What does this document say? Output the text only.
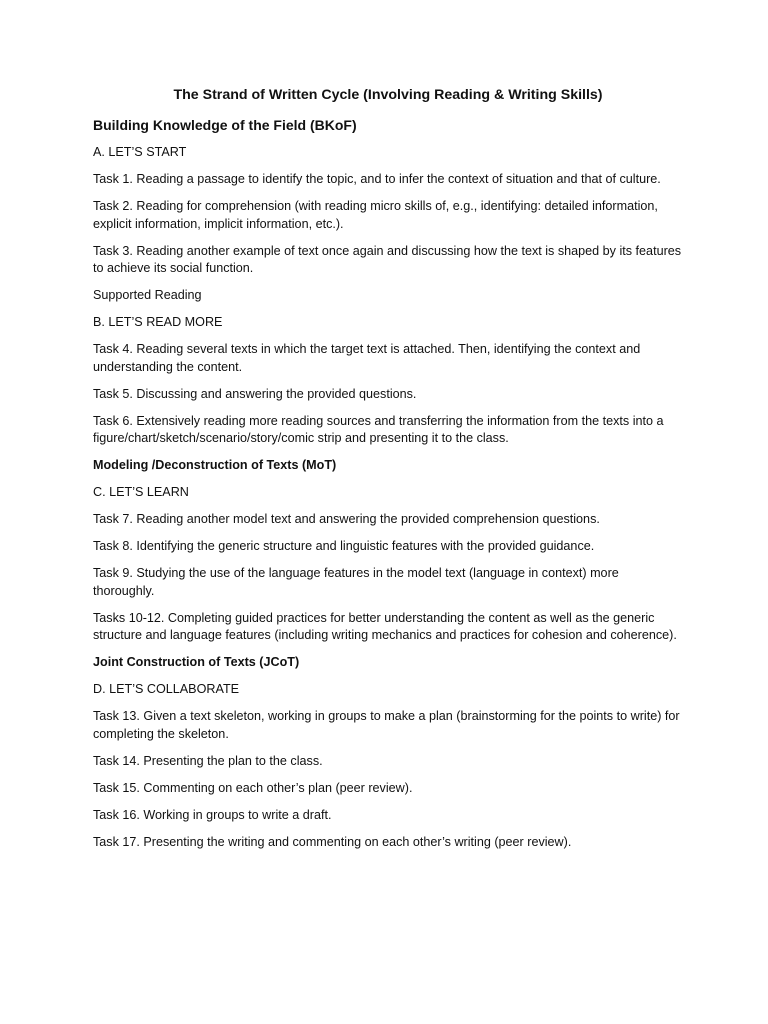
The Strand of Written Cycle (Involving Reading & Writing Skills)
Building Knowledge of the Field (BKoF)
A. LET’S START
Task 1. Reading a passage to identify the topic, and to infer the context of situation and that of culture.
Task 2. Reading for comprehension (with reading micro skills of, e.g., identifying: detailed information, explicit information, implicit information, etc.).
Task 3. Reading another example of text once again and discussing how the text is shaped by its features to achieve its social function.
Supported Reading
B. LET’S READ MORE
Task 4. Reading several texts in which the target text is attached. Then, identifying the context and understanding the content.
Task 5. Discussing and answering the provided questions.
Task 6. Extensively reading more reading sources and transferring the information from the texts into a figure/chart/sketch/scenario/story/comic strip and presenting it to the class.
Modeling /Deconstruction of Texts (MoT)
C. LET’S LEARN
Task 7. Reading another model text and answering the provided comprehension questions.
Task 8. Identifying the generic structure and linguistic features with the provided guidance.
Task 9. Studying the use of the language features in the model text (language in context) more thoroughly.
Tasks 10-12. Completing guided practices for better understanding the content as well as the generic structure and language features (including writing mechanics and practices for cohesion and coherence).
Joint Construction of Texts (JCoT)
D. LET’S COLLABORATE
Task 13. Given a text skeleton, working in groups to make a plan (brainstorming for the points to write) for completing the skeleton.
Task 14. Presenting the plan to the class.
Task 15. Commenting on each other’s plan (peer review).
Task 16. Working in groups to write a draft.
Task 17. Presenting the writing and commenting on each other’s writing (peer review).
